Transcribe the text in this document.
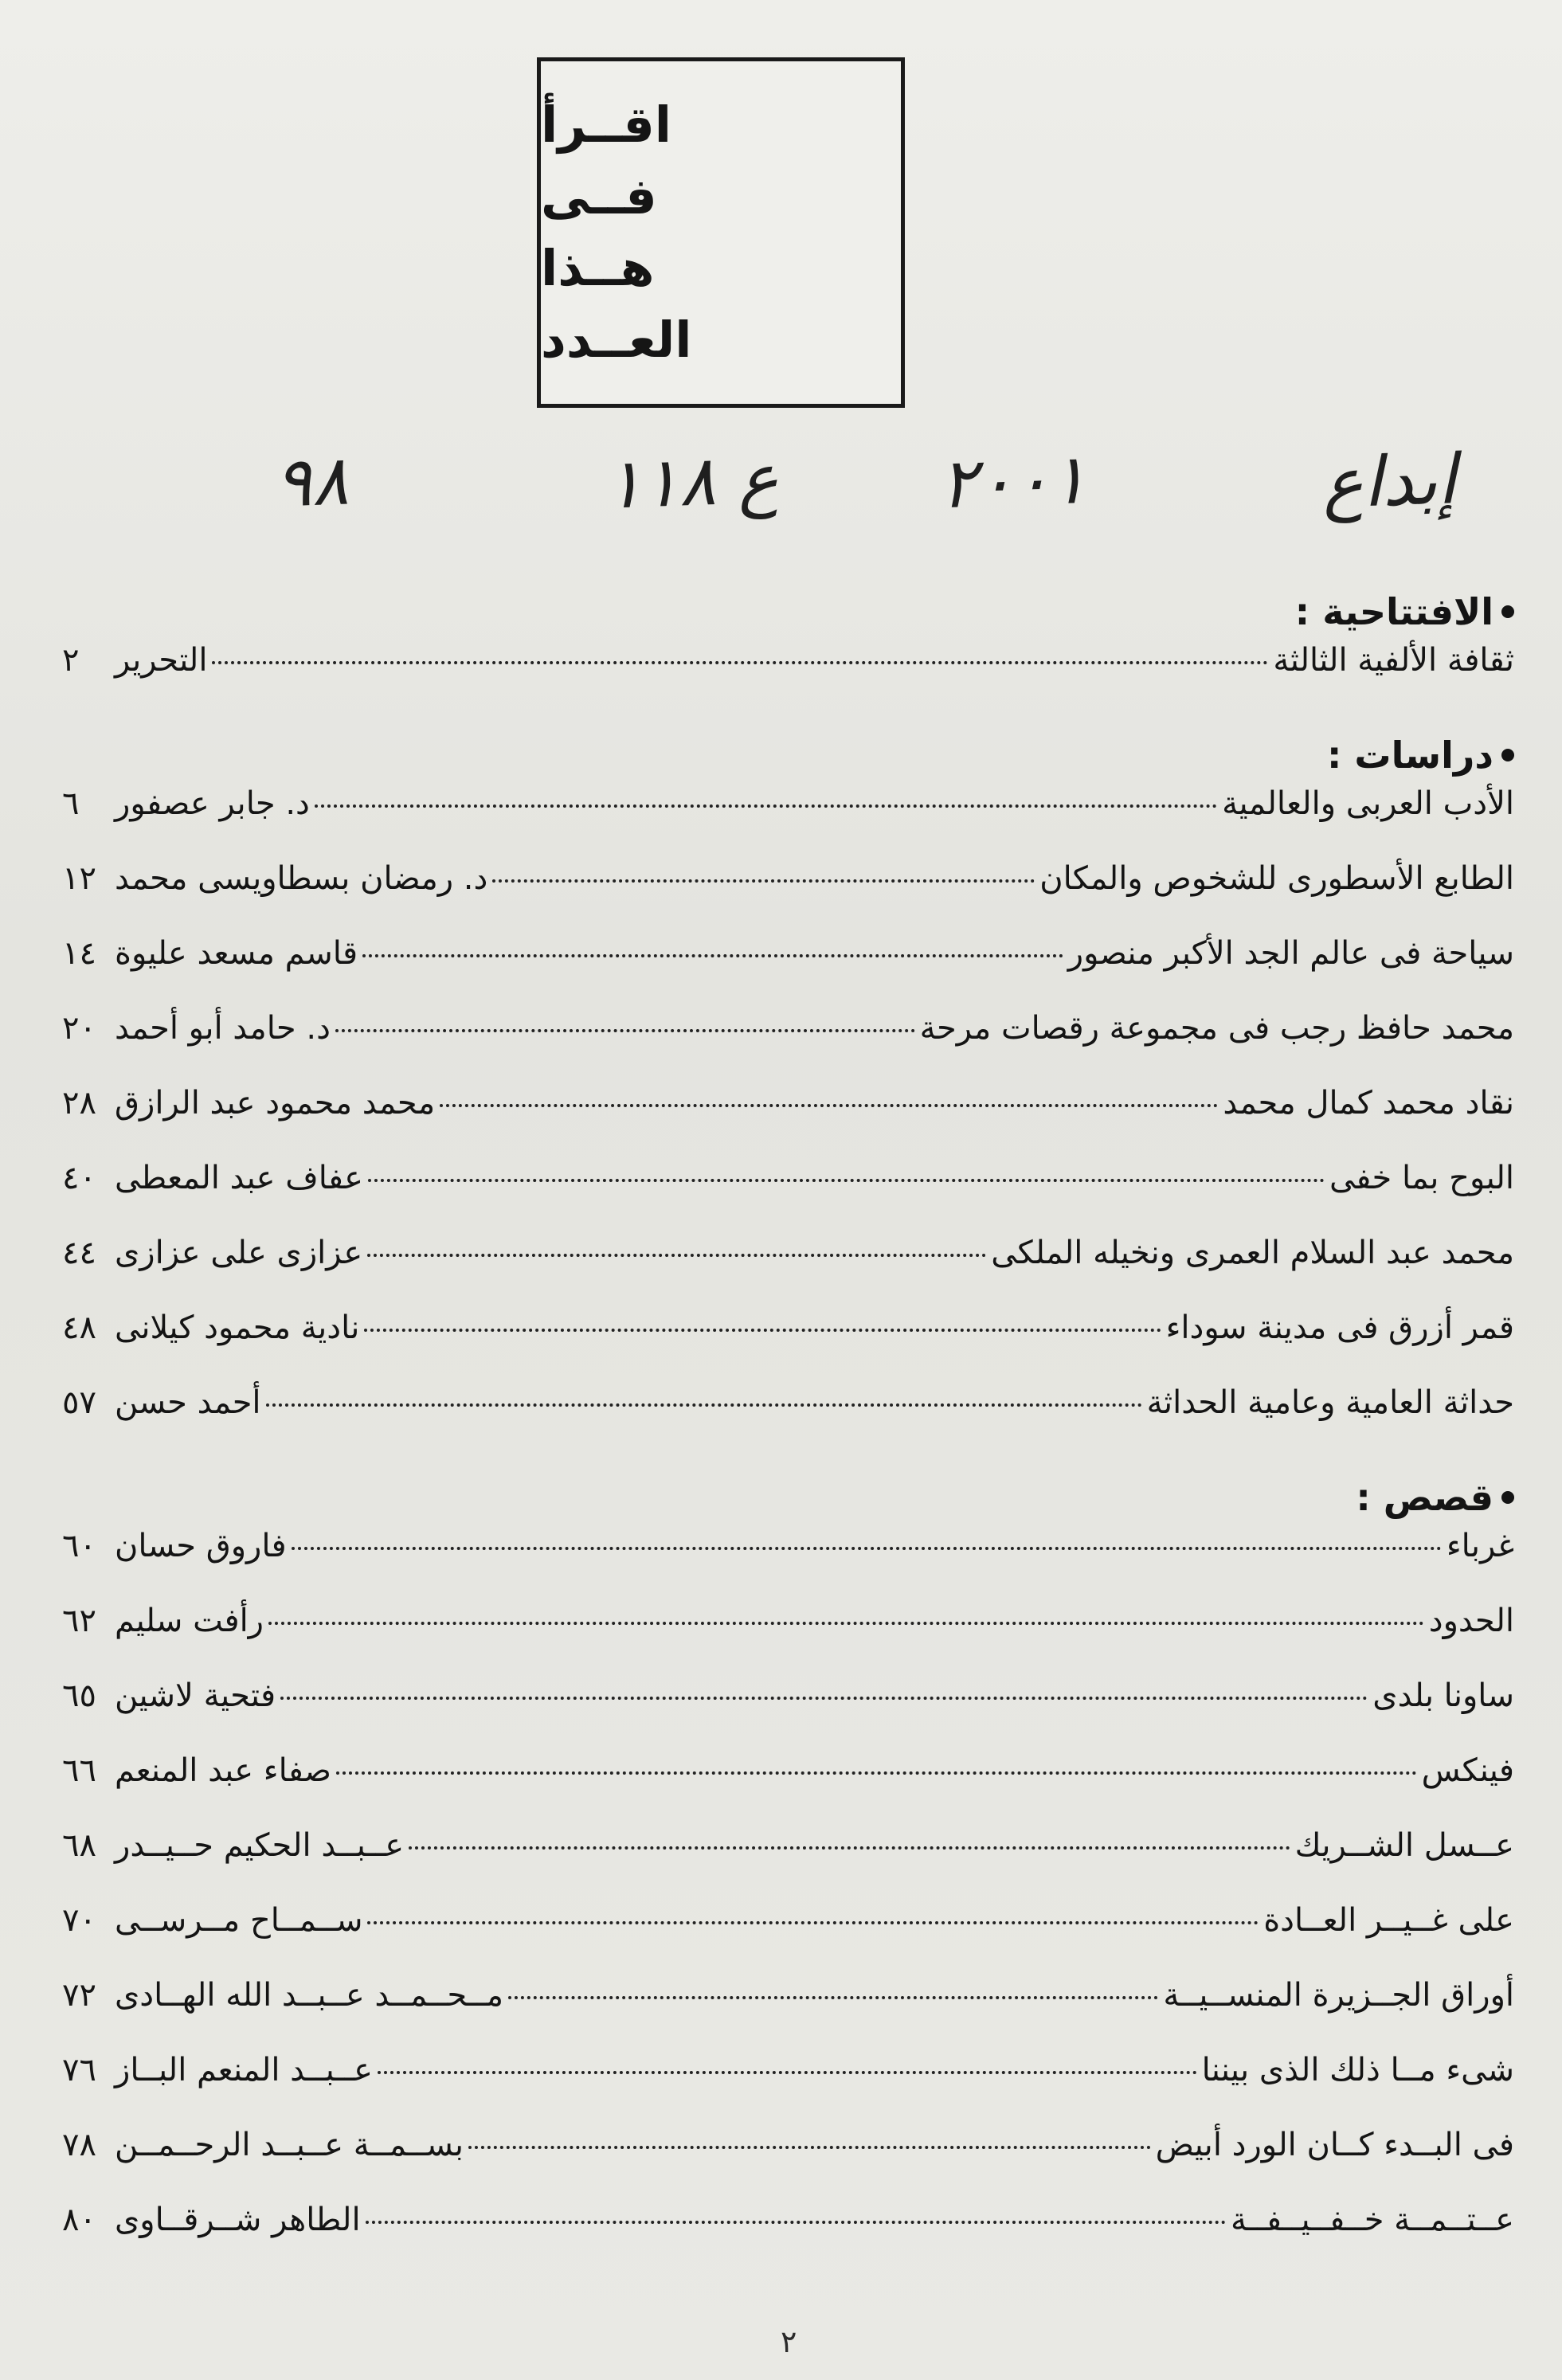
اقــرأ
فــى
هــذا
العــدد
إبداع
٢٠٠١
ع ١١٨
٩٨
الافتتاحية :
ثقافة الألفية الثالثة
التحرير
٢
دراسات :
الأدب العربى والعالمية
د. جابر عصفور
٦
الطابع الأسطورى للشخوص والمكان
د. رمضان بسطاويسى محمد
١٢
سياحة فى عالم الجد الأكبر منصور
قاسم مسعد عليوة
١٤
محمد حافظ رجب فى مجموعة رقصات مرحة
د. حامد أبو أحمد
٢٠
نقاد محمد كمال محمد
محمد محمود عبد الرازق
٢٨
البوح بما خفى
عفاف عبد المعطى
٤٠
محمد عبد السلام العمرى ونخيله الملكى
عزازى على عزازى
٤٤
قمر أزرق فى مدينة سوداء
نادية محمود كيلانى
٤٨
حداثة العامية وعامية الحداثة
أحمد حسن
٥٧
قصص :
غرباء
فاروق حسان
٦٠
الحدود
رأفت سليم
٦٢
ساونا بلدى
فتحية لاشين
٦٥
فينكس
صفاء عبد المنعم
٦٦
عــسل الشــريك
عــبــد الحكيم حــيــدر
٦٨
على غــيــر العــادة
ســمــاح مــرســى
٧٠
أوراق الجــزيرة المنســيــة
مــحــمــد عــبــد الله الهــادى
٧٢
شىء مــا ذلك الذى بيننا
عــبــد المنعم البــاز
٧٦
فى البــدء كــان الورد أبيض
بســمــة عــبــد الرحــمــن
٧٨
عــتــمــة خــفــيــفــة
الطاهر شــرقــاوى
٨٠
٢
